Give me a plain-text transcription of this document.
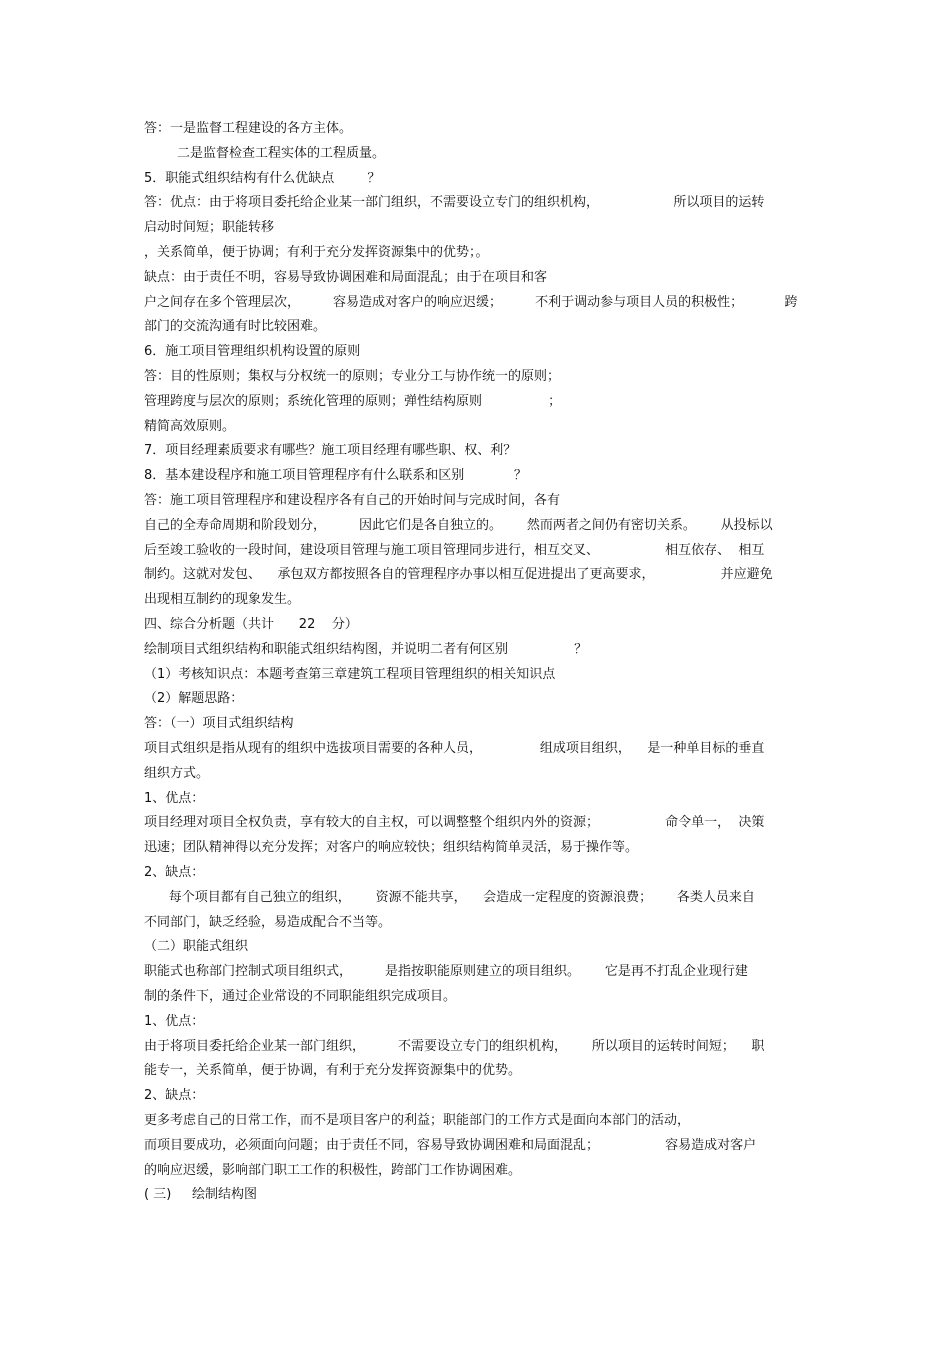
答：一是监督工程建设的各方主体。
二是监督检查工程实体的工程质量。
5．职能式组织结构有什么优缺点        ？
答：优点：由于将项目委托给企业某一部门组织，不需要设立专门的组织机构，                  所以项目的运转
启动时间短；职能转移
，关系简单，便于协调；有利于充分发挥资源集中的优势；。
缺点：由于责任不明，容易导致协调困难和局面混乱；由于在项目和客
户之间存在多个管理层次，        容易造成对客户的响应迟缓；        不利于调动参与项目人员的积极性；          跨
部门的交流沟通有时比较困难。
6．施工项目管理组织机构设置的原则
答：目的性原则；集权与分权统一的原则；专业分工与协作统一的原则；
管理跨度与层次的原则；系统化管理的原则；弹性结构原则                ；
精简高效原则。
7．项目经理素质要求有哪些？施工项目经理有哪些职、权、利？
8．基本建设程序和施工项目管理程序有什么联系和区别            ？
答：施工项目管理程序和建设程序各有自己的开始时间与完成时间，各有
自己的全寿命周期和阶段划分，        因此它们是各自独立的。      然而两者之间仍有密切关系。      从投标以
后至竣工验收的一段时间，建设项目管理与施工项目管理同步进行，相互交叉、                相互依存、  相互
制约。这就对发包、    承包双方都按照各自的管理程序办事以相互促进提出了更高要求，                并应避免
出现相互制约的现象发生。
四、综合分析题（共计      22    分）
绘制项目式组织结构和职能式组织结构图，并说明二者有何区别                ？
（1）考核知识点：本题考查第三章建筑工程项目管理组织的相关知识点
（2）解题思路：
答：（一）项目式组织结构
项目式组织是指从现有的组织中选拔项目需要的各种人员，              组成项目组织，    是一种单目标的垂直
组织方式。
1、优点：
项目经理对项目全权负责，享有较大的自主权，可以调整整个组织内外的资源；                命令单一，  决策
迅速；团队精神得以充分发挥；对客户的响应较快；组织结构简单灵活，易于操作等。
2、缺点：
每个项目都有自己独立的组织，      资源不能共享，    会造成一定程度的资源浪费；      各类人员来自
不同部门，缺乏经验，易造成配合不当等。
（二）职能式组织
职能式也称部门控制式项目组织式，        是指按职能原则建立的项目组织。      它是再不打乱企业现行建
制的条件下，通过企业常设的不同职能组织完成项目。
1、优点：
由于将项目委托给企业某一部门组织，        不需要设立专门的组织机构，      所以项目的运转时间短；    职
能专一，关系简单，便于协调，有利于充分发挥资源集中的优势。
2、缺点：
更多考虑自己的日常工作，而不是项目客户的利益；职能部门的工作方式是面向本部门的活动，
而项目要成功，必须面向问题；由于责任不同，容易导致协调困难和局面混乱；                容易造成对客户
的响应迟缓，影响部门职工工作的积极性，跨部门工作协调困难。
( 三)     绘制结构图
